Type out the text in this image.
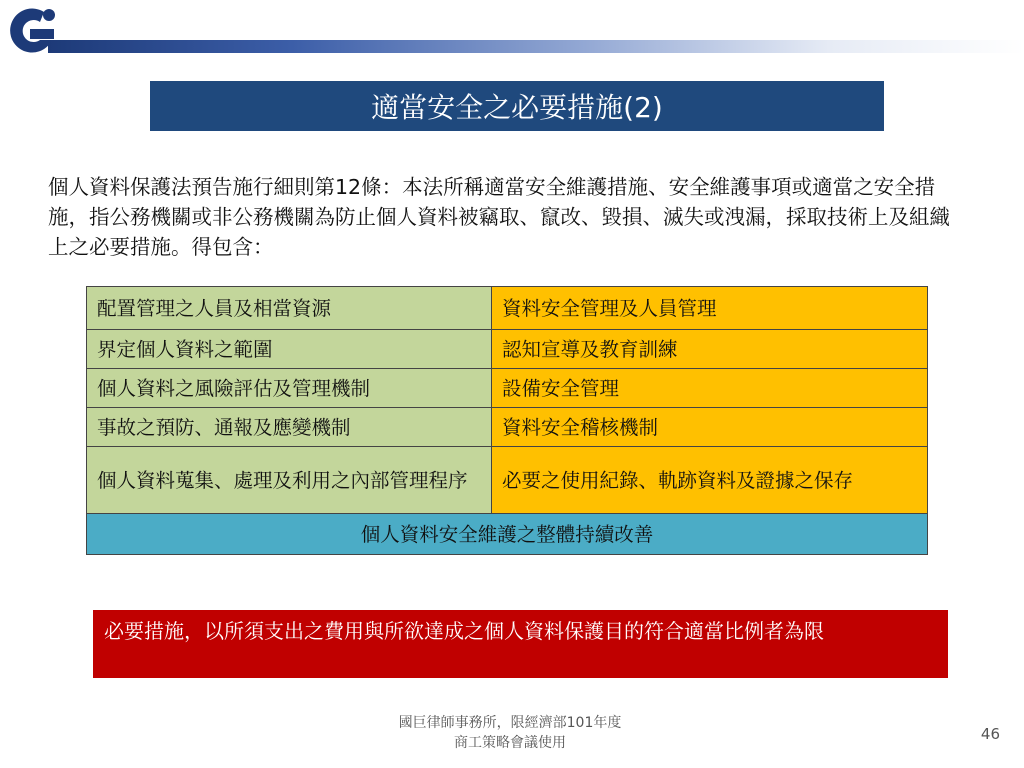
適當安全之必要措施(2)

個人資料保護法預告施行細則第12條：本法所稱適當安全維護措施、安全維護事項或適當之安全措施，指公務機關或非公務機關為防止個人資料被竊取、竄改、毀損、滅失或洩漏，採取技術上及組織上之必要措施。得包含：

配置管理之人員及相當資源	資料安全管理及人員管理
界定個人資料之範圍	認知宣導及教育訓練
個人資料之風險評估及管理機制	設備安全管理
事故之預防、通報及應變機制	資料安全稽核機制
個人資料蒐集、處理及利用之內部管理程序	必要之使用紀錄、軌跡資料及證據之保存
個人資料安全維護之整體持續改善	
必要措施，以所須支出之費用與所欲達成之個人資料保護目的符合適當比例者為限
國巨律師事務所，限經濟部101年度
商工策略會議使用	46
